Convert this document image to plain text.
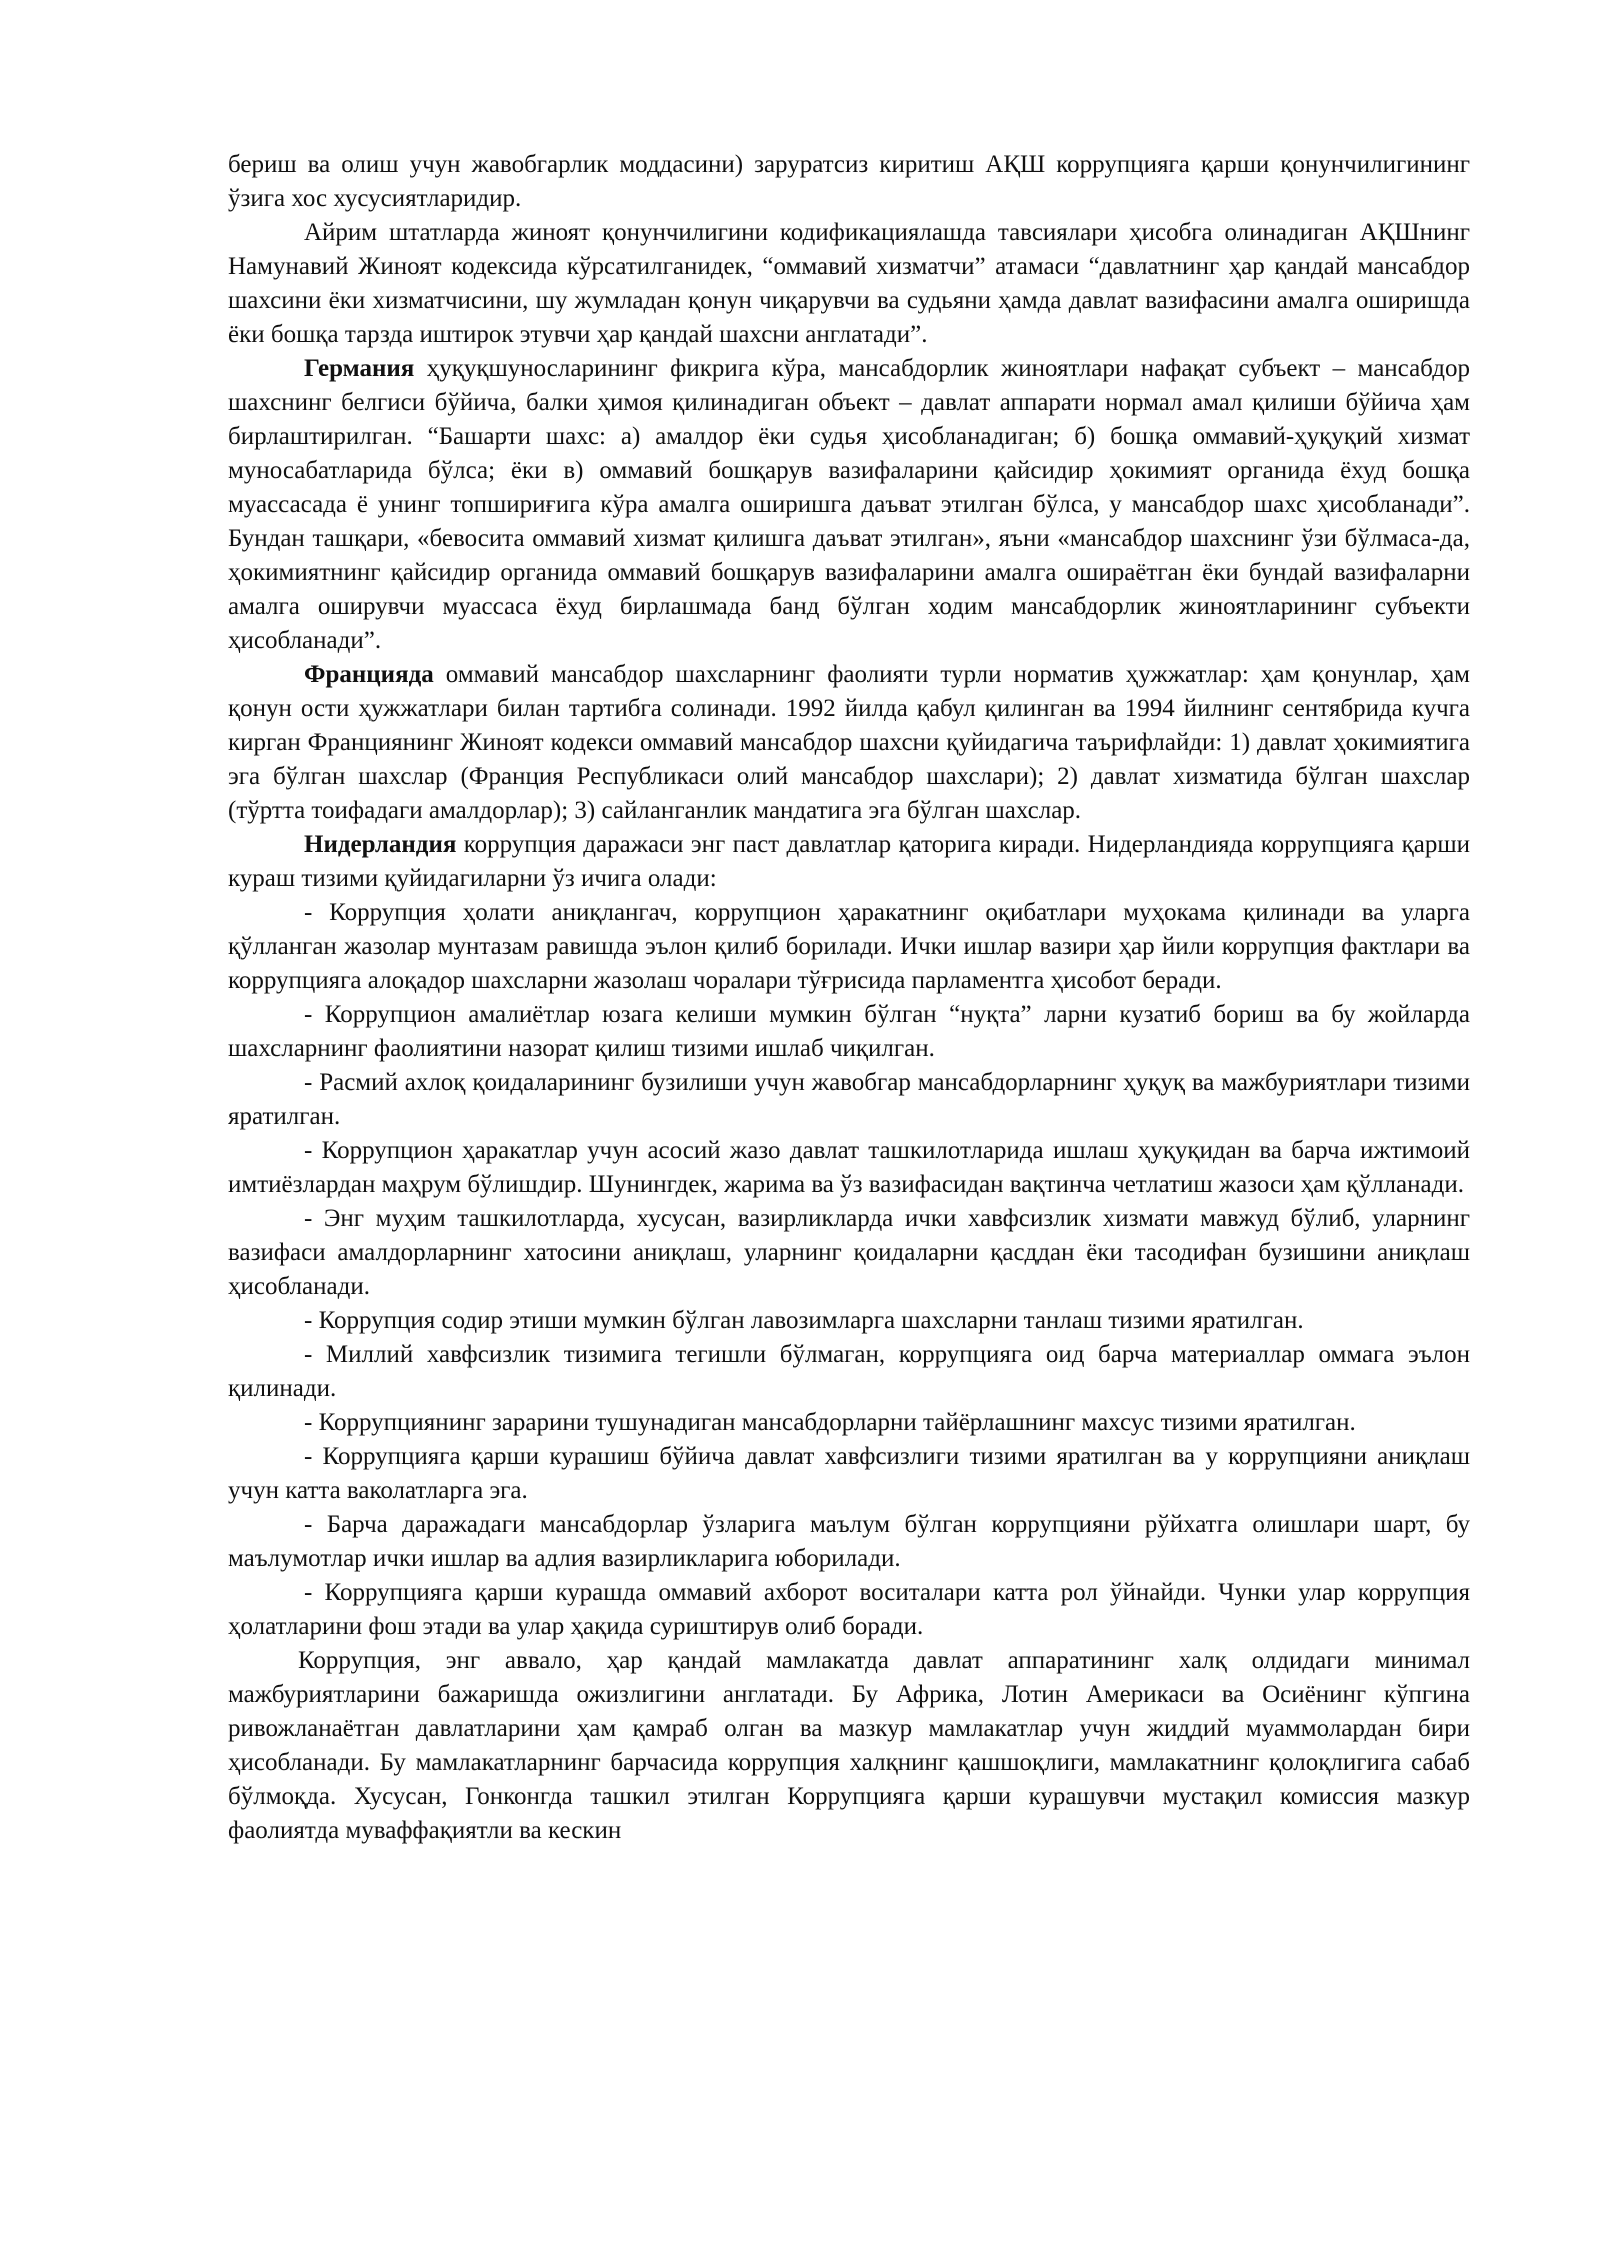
бериш ва олиш учун жавобгарлик моддасини) заруратсиз киритиш АҚШ коррупцияга қарши қонунчилигининг ўзига хос хусусиятларидир.

Айрим штатларда жиноят қонунчилигини кодификациялашда тавсиялари ҳисобга олинадиган АҚШнинг Намунавий Жиноят кодексида кўрсатилганидек, “оммавий хизматчи” атамаси “давлатнинг ҳар қандай мансабдор шахсини ёки хизматчисини, шу жумладан қонун чиқарувчи ва судьяни ҳамда давлат вазифасини амалга оширишда ёки бошқа тарзда иштирок этувчи ҳар қандай шахсни англатади”.

Германия ҳуқуқшуносларининг фикрига кўра, мансабдорлик жиноятлари нафақат субъект – мансабдор шахснинг белгиси бўйича, балки ҳимоя қилинадиган объект – давлат аппарати нормал амал қилиши бўйича ҳам бирлаштирилган. “Башарти шахс: а) амалдор ёки судья ҳисобланадиган; б) бошқа оммавий-ҳуқуқий хизмат муносабатларида бўлса; ёки в) оммавий бошқарув вазифаларини қайсидир ҳокимият органида ёхуд бошқа муассасада ё унинг топшириғига кўра амалга оширишга даъват этилган бўлса, у мансабдор шахс ҳисобланади”. Бундан ташқари, «бевосита оммавий хизмат қилишга даъват этилган», яъни «мансабдор шахснинг ўзи бўлмаса-да, ҳокимиятнинг қайсидир органида оммавий бошқарув вазифаларини амалга ошираётган ёки бундай вазифаларни амалга оширувчи муассаса ёхуд бирлашмада банд бўлган ходим мансабдорлик жиноятларининг субъекти ҳисобланади”.

Францияда оммавий мансабдор шахсларнинг фаолияти турли норматив ҳужжатлар: ҳам қонунлар, ҳам қонун ости ҳужжатлари билан тартибга солинади. 1992 йилда қабул қилинган ва 1994 йилнинг сентябрида кучга кирган Франциянинг Жиноят кодекси оммавий мансабдор шахсни қуйидагича таърифлайди: 1) давлат ҳокимиятига эга бўлган шахслар (Франция Республикаси олий мансабдор шахслари); 2) давлат хизматида бўлган шахслар (тўртта тоифадаги амалдорлар); 3) сайланганлик мандатига эга бўлган шахслар.

Нидерландия коррупция даражаси энг паст давлатлар қаторига киради. Нидерландияда коррупцияга қарши кураш тизими қуйидагиларни ўз ичига олади:

- Коррупция ҳолати аниқлангач, коррупцион ҳаракатнинг оқибатлари муҳокама қилинади ва уларга қўлланган жазолар мунтазам равишда эълон қилиб борилади. Ички ишлар вазири ҳар йили коррупция фактлари ва коррупцияга алоқадор шахсларни жазолаш чоралари тўғрисида парламентга ҳисобот беради.

- Коррупцион амалиётлар юзага келиши мумкин бўлган “нуқта” ларни кузатиб бориш ва бу жойларда шахсларнинг фаолиятини назорат қилиш тизими ишлаб чиқилган.

- Расмий ахлоқ қоидаларининг бузилиши учун жавобгар мансабдорларнинг ҳуқуқ ва мажбуриятлари тизими яратилган.

- Коррупцион ҳаракатлар учун асосий жазо давлат ташкилотларида ишлаш ҳуқуқидан ва барча ижтимоий имтиёзлардан маҳрум бўлишдир. Шунингдек, жарима ва ўз вазифасидан вақтинча четлатиш жазоси ҳам қўлланади.

- Энг муҳим ташкилотларда, хусусан, вазирликларда ички хавфсизлик хизмати мавжуд бўлиб, уларнинг вазифаси амалдорларнинг хатосини аниқлаш, уларнинг қоидаларни қасддан ёки тасодифан бузишини аниқлаш ҳисобланади.

- Коррупция содир этиши мумкин бўлган лавозимларга шахсларни танлаш тизими яратилган.

- Миллий хавфсизлик тизимига тегишли бўлмаган, коррупцияга оид барча материаллар оммага эълон қилинади.

- Коррупциянинг зарарини тушунадиган мансабдорларни тайёрлашнинг махсус тизими яратилган.

- Коррупцияга қарши курашиш бўйича давлат хавфсизлиги тизими яратилган ва у коррупцияни аниқлаш учун катта ваколатларга эга.

- Барча даражадаги мансабдорлар ўзларига маълум бўлган коррупцияни рўйхатга олишлари шарт, бу маълумотлар ички ишлар ва адлия вазирликларига юборилади.

- Коррупцияга қарши курашда оммавий ахборот воситалари катта рол ўйнайди. Чунки улар коррупция ҳолатларини фош этади ва улар ҳақида суриштирув олиб боради.

Коррупция, энг аввало, ҳар қандай мамлакатда давлат аппаратининг халқ олдидаги минимал мажбуриятларини бажаришда ожизлигини англатади. Бу Африка, Лотин Америкаси ва Осиёнинг кўпгина ривожланаётган давлатларини ҳам қамраб олган ва мазкур мамлакатлар учун жиддий муаммолардан бири ҳисобланади. Бу мамлакатларнинг барчасида коррупция халқнинг қашшоқлиги, мамлакатнинг қолоқлигига сабаб бўлмоқда. Хусусан, Гонконгда ташкил этилган Коррупцияга қарши курашувчи мустақил комиссия мазкур фаолиятда муваффақиятли ва кескин
